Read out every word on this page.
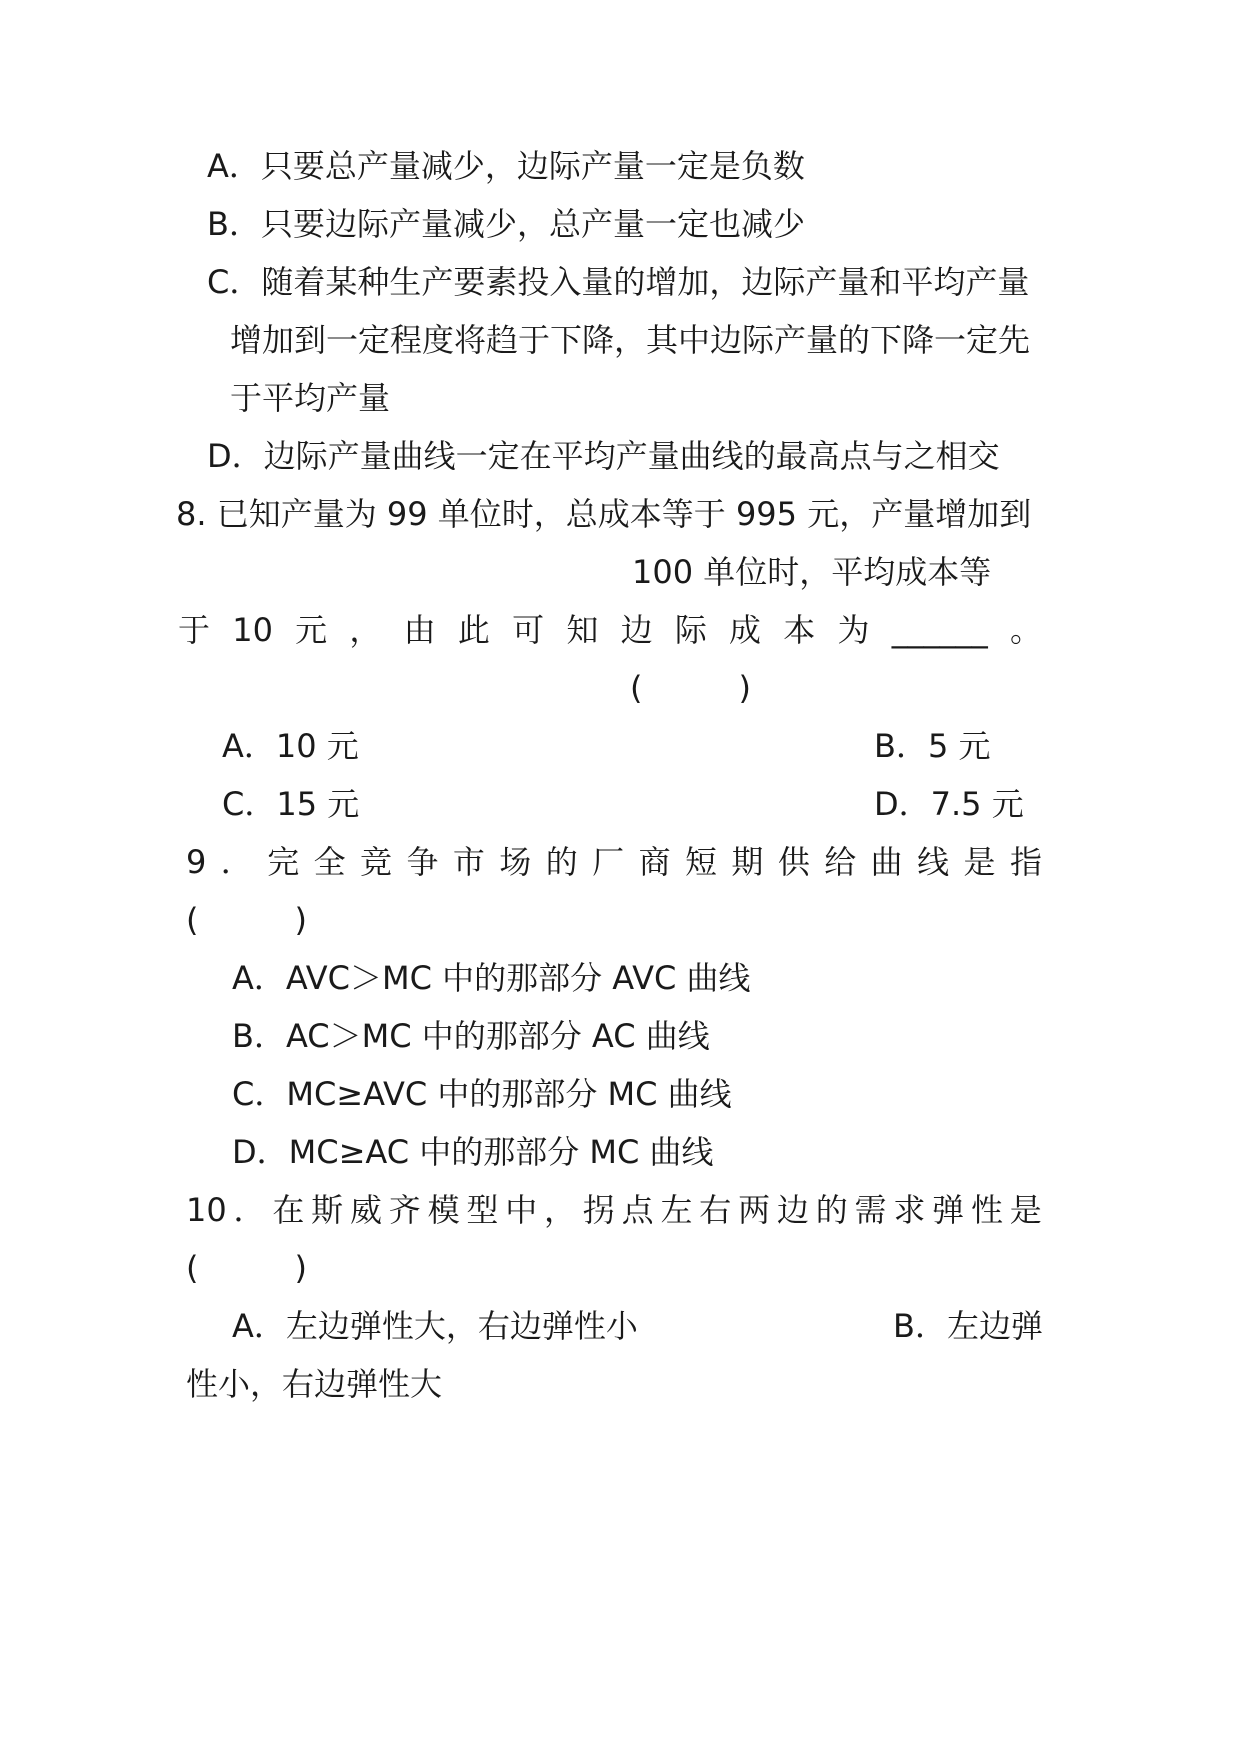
A．只要总产量减少，边际产量一定是负数
B．只要边际产量减少，总产量一定也减少
C．随着某种生产要素投入量的增加，边际产量和平均产量
增加到一定程度将趋于下降，其中边际产量的下降一定先
于平均产量
D．边际产量曲线一定在平均产量曲线的最高点与之相交
8. 已知产量为 99 单位时，总成本等于 995 元，产量增加到
100 单位时，平均成本等
于 10 元 ， 由 此 可 知 边 际 成 本 为 ______ 。
(　　　)
A．10 元	B．5 元
C．15 元	D．7.5 元
9 ． 完 全 竞 争 市 场 的 厂 商 短 期 供 给 曲 线 是 指
(　　　)
A．AVC＞MC 中的那部分 AVC 曲线
B．AC＞MC 中的那部分 AC 曲线
C．MC≥AVC 中的那部分 MC 曲线
D．MC≥AC 中的那部分 MC 曲线
10 ． 在 斯 威 齐 模 型 中 ， 拐 点 左 右 两 边 的 需 求 弹 性 是
(　　　)
A．左边弹性大，右边弹性小	B．左边弹
性小，右边弹性大
